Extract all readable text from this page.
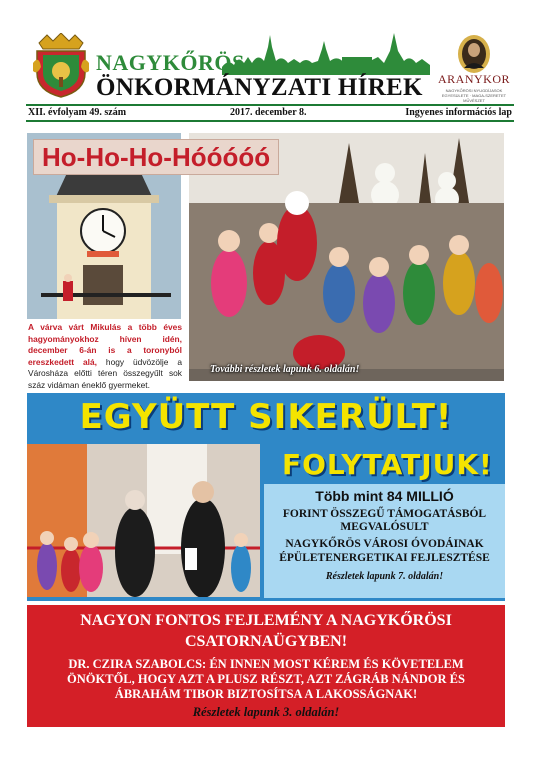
NAGYKŐRÖS
ÖNKORMÁNYZATI HÍREK	ARANYKOR
NAGYKŐRÖSI NYUGDÍJASOK EGYESÜLETE · MAGA-SZERETET MŰVÉSZET
XII. évfolyam 49. szám	2017. december 8.	Ingyenes információs lap
Ho-Ho-Ho-Hóóóóó
A várva várt Mikulás a több éves hagyományokhoz híven idén, december 6-án is a toronyból ereszkedett alá, hogy üdvözölje a Városháza előtti téren összegyűlt sok száz vidáman éneklő gyermeket.
További részletek lapunk 6. oldalán!
EGYÜTT SIKERÜLT!
FOLYTATJUK!
Több mint 84 MILLIÓ
FORINT ÖSSZEGŰ TÁMOGATÁSBÓL
MEGVALÓSULT
NAGYKŐRÖS VÁROSI ÓVODÁINAK
ÉPÜLETENERGETIKAI FEJLESZTÉSE
Részletek lapunk 7. oldalán!
NAGYON FONTOS FEJLEMÉNY A NAGYKŐRÖSI
CSATORNAÜGYBEN!
DR. CZIRA SZABOLCS: ÉN INNEN MOST KÉREM ÉS KÖVETELEM
ÖNÖKTŐL, HOGY AZT A PLUSZ RÉSZT, AZT ZÁGRÁB NÁNDOR ÉS
ÁBRAHÁM TIBOR BIZTOSÍTSA A LAKOSSÁGNAK!
Részletek lapunk 3. oldalán!
